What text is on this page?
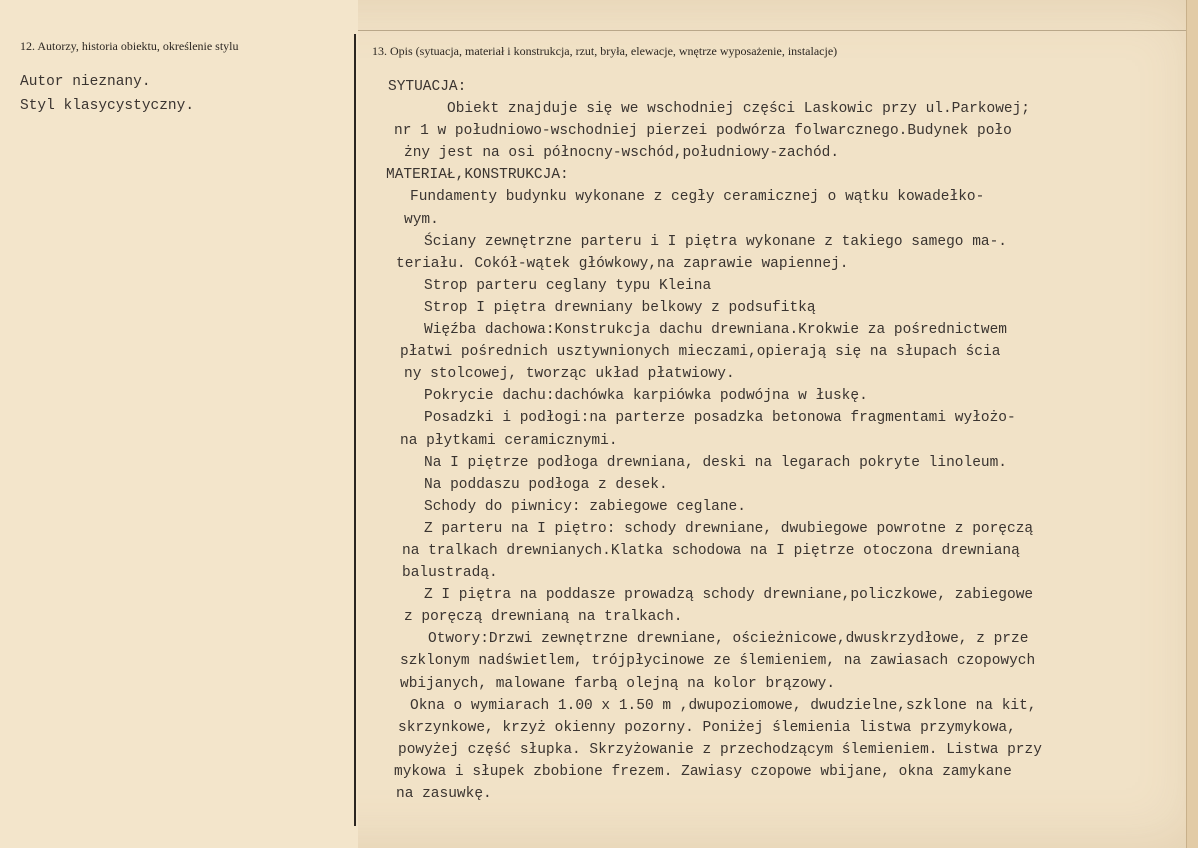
12. Autorzy, historia obiektu, określenie stylu
Autor nieznany.
Styl klasycystyczny.
13. Opis (sytuacja, materiał i konstrukcja, rzut, bryła, elewacje, wnętrze wyposażenie, instalacje)
SYTUACJA:
Obiekt znajduje się we wschodniej części Laskowic przy ul.Parkowej;
nr 1 w południowo-wschodniej pierzei podwórza folwarcznego.Budynek poło
żny jest na osi północny-wschód,południowy-zachód.
MATERIAŁ,KONSTRUKCJA:
Fundamenty budynku wykonane z cegły ceramicznej o wątku kowadełko-
wym.
Ściany zewnętrzne parteru i I piętra wykonane z takiego samego ma-.
teriału. Cokół-wątek główkowy,na zaprawie wapiennej.
Strop parteru ceglany typu Kleina
Strop I piętra drewniany belkowy z podsufitką
Więźba dachowa:Konstrukcja dachu drewniana.Krokwie za pośrednictwem
płatwi pośrednich usztywnionych mieczami,opierają się na słupach ścia
ny stolcowej, tworząc układ płatwiowy.
Pokrycie dachu:dachówka karpiówka podwójna w łuskę.
Posadzki i podłogi:na parterze posadzka betonowa fragmentami wyłożo-
na płytkami ceramicznymi.
Na I piętrze podłoga drewniana, deski na legarach pokryte linoleum.
Na poddaszu podłoga z desek.
Schody do piwnicy: zabiegowe ceglane.
Z parteru na I piętro: schody drewniane, dwubiegowe powrotne z poręczą
na tralkach drewnianych.Klatka schodowa na I piętrze otoczona drewnianą
balustradą.
Z I piętra na poddasze prowadzą schody drewniane,policzkowe, zabiegowe
z poręczą drewnianą na tralkach.
Otwory:Drzwi zewnętrzne drewniane, ościeżnicowe,dwuskrzydłowe, z prze
szklonym nadświetlem, trójpłycinowe ze ślemieniem, na zawiasach czopowych
wbijanych, malowane farbą olejną na kolor brązowy.
Okna o wymiarach 1.00 x 1.50 m ,dwupoziomowe, dwudzielne,szklone na kit,
skrzynkowe, krzyż okienny pozorny. Poniżej ślemienia listwa przymykowa,
powyżej część słupka. Skrzyżowanie z przechodzącym ślemieniem. Listwa przy
mykowa i słupek zbobione frezem. Zawiasy czopowe wbijane, okna zamykane
na zasuwkę.
